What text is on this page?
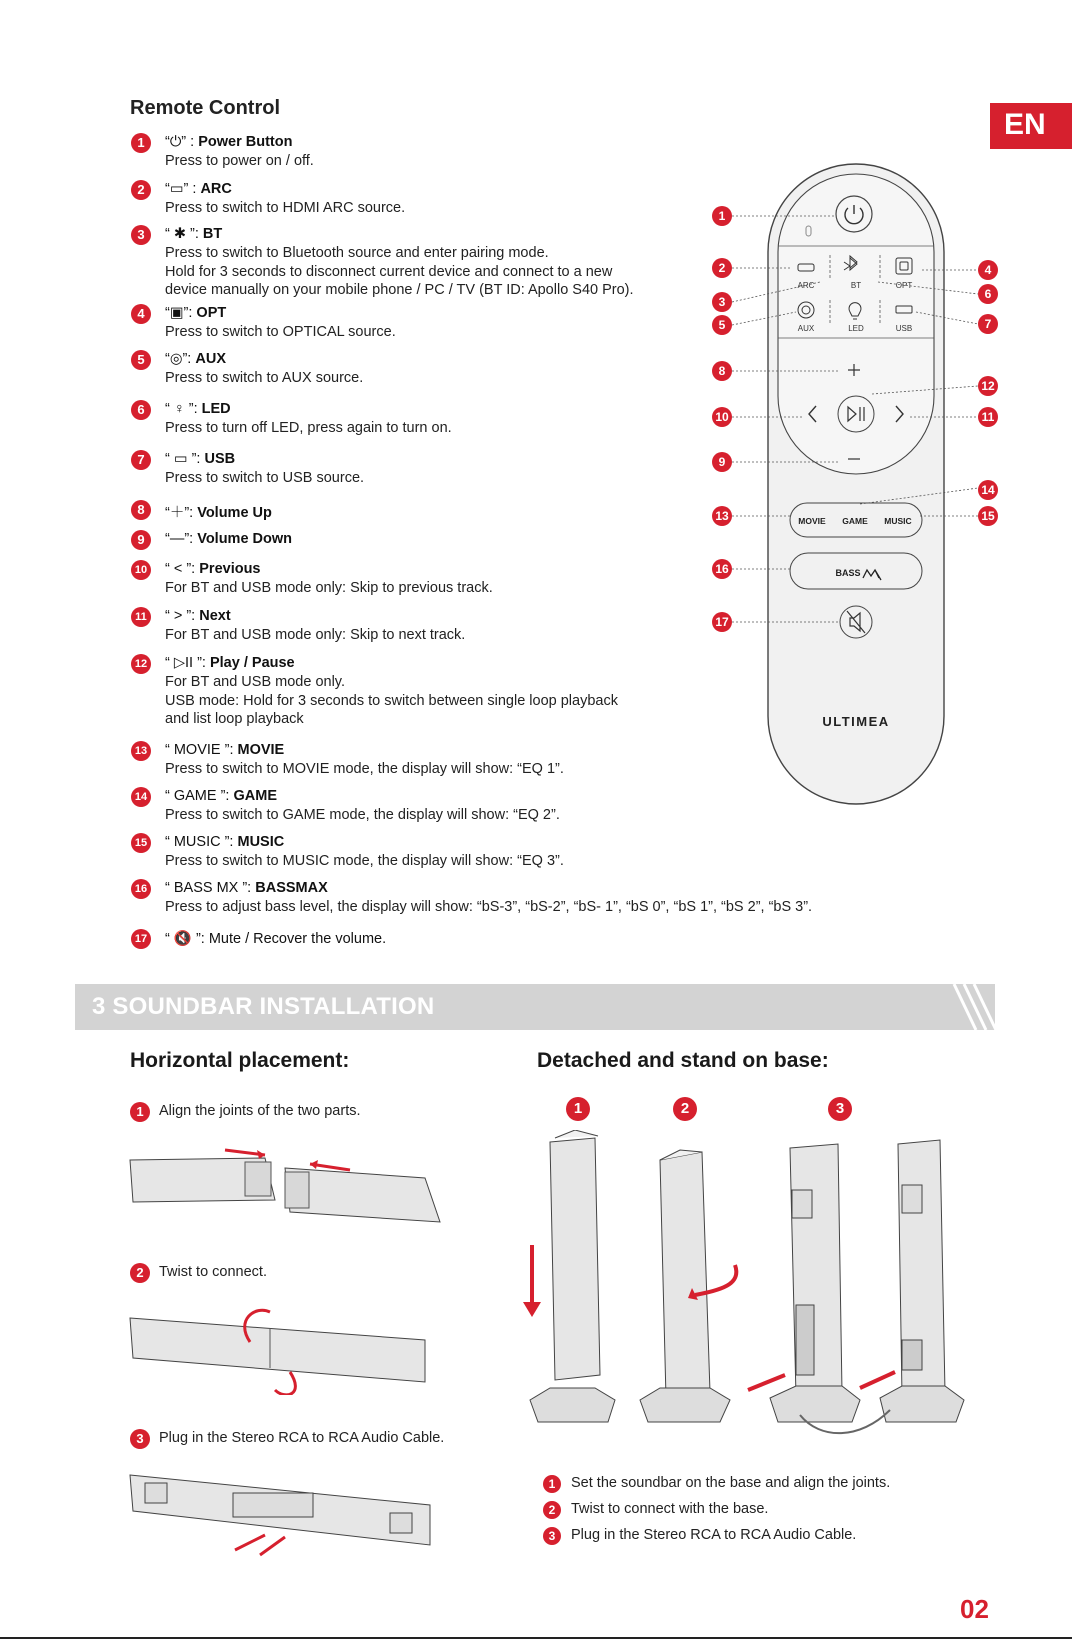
EN
Remote Control
1	“⏻” : Power Button
Press to power on / off.
2	“▭” : ARC
Press to switch to HDMI ARC source.
3	“ ✱ ”: BT
Press to switch to Bluetooth source and enter pairing mode.
Hold for 3 seconds to disconnect current device and connect to a new
device manually on your mobile phone / PC / TV (BT ID: Apollo S40 Pro).
4	“▣”: OPT
Press to switch to OPTICAL source.
5	“◎”: AUX
Press to switch to AUX source.
6	“ ♀ ”: LED
Press to turn off LED, press again to turn on.
7	“ ▭ ”: USB
Press to switch to USB source.
8	“＋”: Volume Up
9	“—”: Volume Down
10 “ < ”: Previous
For BT and USB mode only: Skip to previous track.
11 “ > ”: Next
For BT and USB mode only: Skip to next track.
12 “ ▷II ”: Play / Pause
For BT and USB mode only.
USB mode: Hold for 3 seconds to switch between single loop playback
and list loop playback
13 “ MOVIE ”: MOVIE
Press to switch to MOVIE mode, the display will show: “EQ 1”.
14 “ GAME ”: GAME
Press to switch to GAME mode, the display will show: “EQ 2”.
15 “ MUSIC ”: MUSIC
Press to switch to MUSIC mode, the display will show: “EQ 3”.
16 “ BASS MX ”: BASSMAX
Press to adjust bass level, the display will show: “bS-3”, “bS-2”, “bS- 1”, “bS 0”, “bS 1”, “bS 2”, “bS 3”.
17 “ 🔇 ”: Mute / Recover the volume.
ARC	BT	OPT
AUX	LED	USB
MOVIE GAME MUSIC
BASS
ULTIMEA
1
2
3
5
8
10
9
13
16
17
4
6
7
12
11
14
15
3 SOUNDBAR INSTALLATION
Horizontal placement:
1	Align the joints of the two parts.
2	Twist to connect.
3	Plug in the Stereo RCA to RCA Audio Cable.
Detached and stand on base:
1	2	3
1	Set the soundbar on the base and align the joints.
2	Twist to connect with the base.
3	Plug in the Stereo RCA to RCA Audio Cable.
02
